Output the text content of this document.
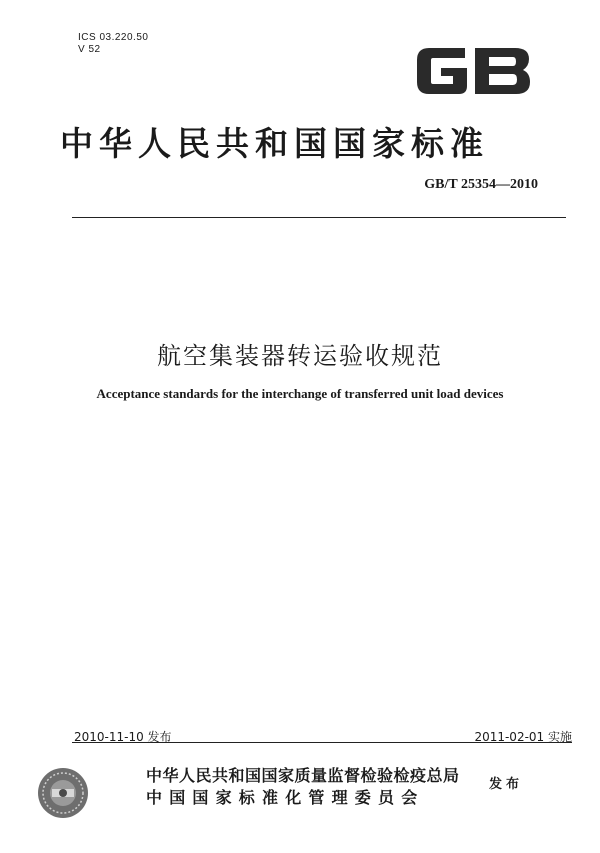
ICS 03.220.50
V 52
中华人民共和国国家标准
GB/T 25354—2010
航空集装器转运验收规范
Acceptance standards for the interchange of transferred unit load devices
2010-11-10 发布	2011-02-01 实施
中华人民共和国国家质量监督检验检疫总局
中国国家标准化管理委员会
发布
